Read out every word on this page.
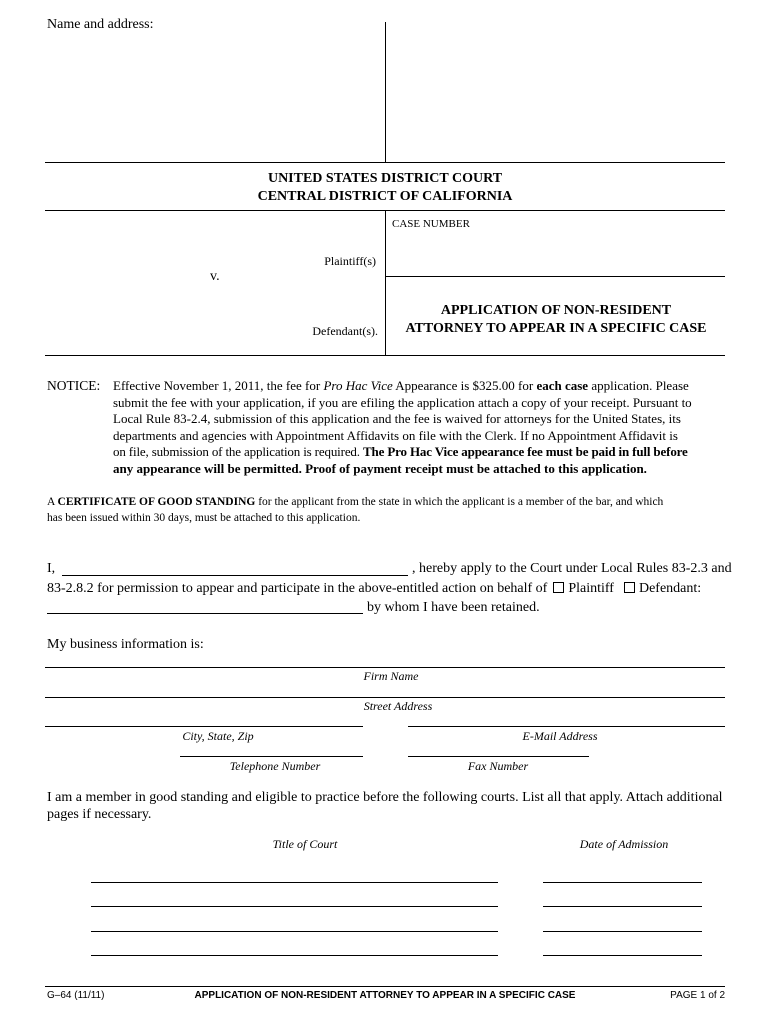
Name and address:
UNITED STATES DISTRICT COURT
CENTRAL DISTRICT OF CALIFORNIA
CASE NUMBER
Plaintiff(s)
v.
Defendant(s).
APPLICATION OF NON-RESIDENT
ATTORNEY TO APPEAR IN A SPECIFIC CASE
NOTICE: Effective November 1, 2011, the fee for Pro Hac Vice Appearance is $325.00 for each case application. Please

submit the fee with your application, if you are efiling the application attach a copy of your receipt. Pursuant to

Local Rule 83-2.4, submission of this application and the fee is waived for attorneys for the United States, its

departments and agencies with Appointment Affidavits on file with the Clerk. If no Appointment Affidavit is

on file, submission of the application is required. The Pro Hac Vice appearance fee must be paid in full before

any appearance will be permitted. Proof of payment receipt must be attached to this application.

A CERTIFICATE OF GOOD STANDING for the applicant from the state in which the applicant is a member of the bar, and which
has been issued within 30 days, must be attached to this application.
I,	, hereby apply to the Court under Local Rules 83-2.3 and
83-2.8.2 for permission to appear and participate in the above-entitled action on behalf of Plaintiff Defendant:
by whom I have been retained.
My business information is:
Firm Name
Street Address
City, State, Zip	E-Mail Address
Telephone Number	Fax Number
I am a member in good standing and eligible to practice before the following courts. List all that apply. Attach additional
pages if necessary.
Title of Court	Date of Admission
G–64 (11/11)	APPLICATION OF NON-RESIDENT ATTORNEY TO APPEAR IN A SPECIFIC CASE	PAGE 1 of 2
